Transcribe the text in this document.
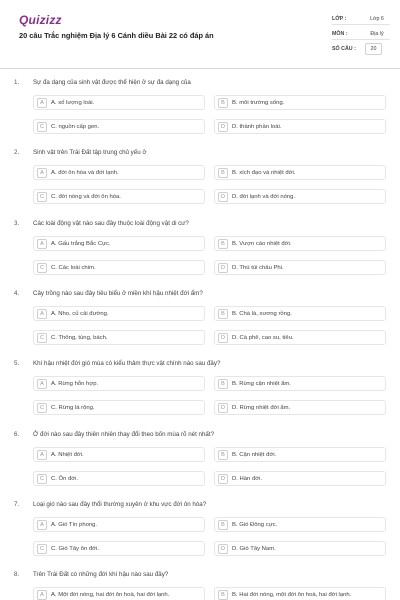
Quizizz
20 câu Trắc nghiệm Địa lý 6 Cánh diều Bài 22 có đáp án
LỚP :	Lớp 6
MÔN :	Địa lý
SỐ CÂU :	20
1. Sự đa dạng của sinh vật được thể hiện ở sự đa dạng của
A	A. số lượng loài.	B	B. môi trường sống.
C	C. nguồn cấp gen.	D	D. thành phần loài.
2. Sinh vật trên Trái Đất tập trung chủ yếu ở
A	A. đới ôn hòa và đới lạnh.	B	B. xích đạo và nhiệt đới.
C	C. đới nóng và đới ôn hòa.	D	D. đới lạnh và đới nóng.
3. Các loài động vật nào sau đây thuộc loài động vật di cư?
A	A. Gấu trắng Bắc Cực.	B	B. Vượn cáo nhiệt đới.
C	C. Các loài chim.	D	D. Thú túi châu Phi.
4. Cây trồng nào sau đây tiêu biểu ở miền khí hậu nhiệt đới ẩm?
A	A. Nho, củ cải đường.	B	B. Chà là, xương rồng.
C	C. Thông, tùng, bách.	D	D. Cà phê, cao su, tiêu.
5. Khí hậu nhiệt đới gió mùa có kiểu thảm thực vật chính nào sau đây?
A	A. Rừng hỗn hợp.	B	B. Rừng cận nhiệt ẩm.
C	C. Rừng lá rộng.	D	D. Rừng nhiệt đới ẩm.
6. Ở đới nào sau đây thiên nhiên thay đổi theo bốn mùa rõ nét nhất?
A	A. Nhiệt đới.	B	B. Cận nhiệt đới.
C	C. Ôn đới.	D	D. Hàn đới.
7. Loại gió nào sau đây thổi thường xuyên ở khu vực đới ôn hòa?
A	A. Gió Tín phong.	B	B. Gió Đông cực.
C	C. Gió Tây ôn đới.	D	D. Gió Tây Nam.
8. Trên Trái Đất có những đới khí hậu nào sau đây?
A	A. Một đới nóng, hai đới ôn hoà, hai đới lạnh.	B	B. Hai đới nóng, một đới ôn hoà, hai đới lạnh.
